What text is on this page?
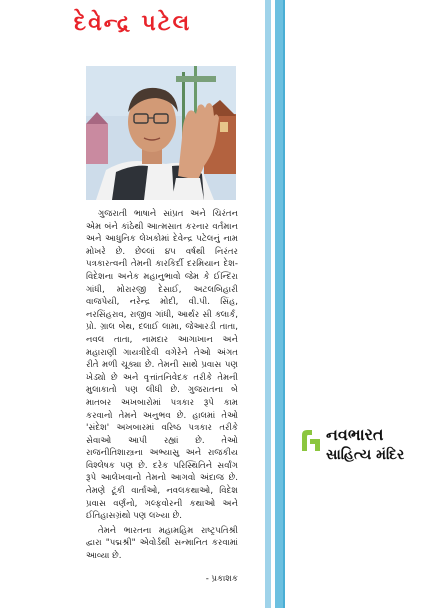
દેવેન્દ્ર પટેલ

ગુજરાતી ભાષાને સાંપ્રત અને ચિરંતન એમ બંને કાંઠેથી આત્મસાત કરનાર વર્તમાન અને આધુનિક લેખકોમાં દેવેન્દ્ર પટેલનું નામ મોખરે છે. છેલ્લાં ૪૫ વર્ષથી નિરંતર પત્રકારત્વની તેમની કારકિર્દી દરમિયાન દેશ-વિદેશના અનેક મહાનુભાવો જેમ કે ઈન્દિરા ગાંધી, મોરારજી દેસાઈ, અટલબિહારી વાજપેયી, નરેન્દ્ર મોદી, વી.પી. સિંહ, નરસિંહરાવ, રાજીવ ગાંધી, આર્થર સી ક્લાર્ક, પ્રો. ગ્રાલ બેથ, દલાઈ લામા, જેઆરડી તાતા, નવલ તાતા, નામદાર આગાખાન અને મહારાણી ગાયત્રીદેવી વગેરેને તેઓ અંગત રીતે મળી ચૂક્યા છે. તેમની સાથે પ્રવાસ પણ ખેડ્યો છે અને વૃત્તાંતનિવેદક તરીકે તેમની મુલાકાતો પણ લીધી છે. ગુજરાતના બે માતબર અખબારોમાં પત્રકાર રૂપે કામ કરવાનો તેમને અનુભવ છે. હાલમાં તેઓ 'સંદેશ' અખબારમાં વરિષ્ઠ પત્રકાર તરીકે સેવાઓ આપી રહ્યાં છે. તેઓ રાજનીતિશાસ્ત્રના અભ્યાસુ અને રાજકીય વિશ્લેષક પણ છે. દરેક પરિસ્થિતિને સર્વાંગ રૂપે આલેખવાનો તેમનો આગવો અંદાજ છે. તેમણે ટૂંકી વાર્તાઓ, નવલકથાઓ, વિદેશ પ્રવાસ વર્ણનો, ગલ્ફવોરની કથાઓ અને ઈતિહાસગ્રંથો પણ લખ્યા છે.

તેમને ભારતના મહામહિમ રાષ્ટ્રપતિશ્રી દ્વારા "પદ્મશ્રી" એવોર્ડથી સન્માનિત કરવામાં આવ્યા છે.

- પ્રકાશક
નવભારત
સાહિત્ય મંદિર
